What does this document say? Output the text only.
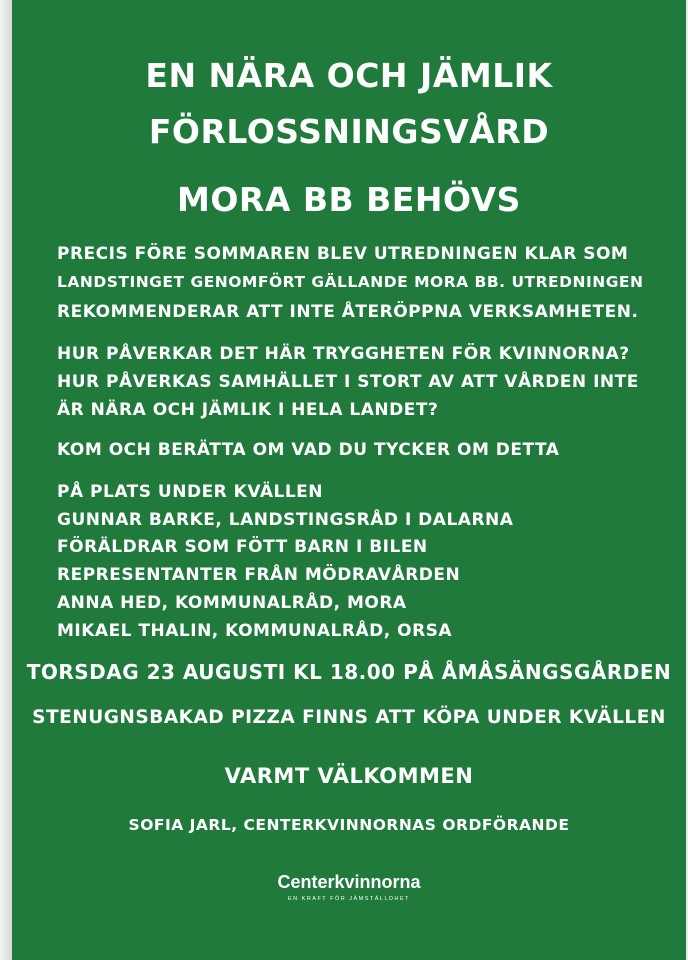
EN NÄRA OCH JÄMLIK
FÖRLOSSNINGSVÅRD
MORA BB BEHÖVS
PRECIS FÖRE SOMMAREN BLEV UTREDNINGEN KLAR SOM
LANDSTINGET GENOMFÖRT GÄLLANDE MORA BB. UTREDNINGEN
REKOMMENDERAR ATT INTE ÅTERÖPPNA VERKSAMHETEN.
HUR PÅVERKAR DET HÄR TRYGGHETEN FÖR KVINNORNA?
HUR PÅVERKAS SAMHÄLLET I STORT AV ATT VÅRDEN INTE
ÄR NÄRA OCH JÄMLIK I HELA LANDET?
KOM OCH BERÄTTA OM VAD DU TYCKER OM DETTA
PÅ PLATS UNDER KVÄLLEN
GUNNAR BARKE, LANDSTINGSRÅD I DALARNA
FÖRÄLDRAR SOM FÖTT BARN I BILEN
REPRESENTANTER FRÅN MÖDRAVÅRDEN
ANNA HED, KOMMUNALRÅD, MORA
MIKAEL THALIN, KOMMUNALRÅD, ORSA
TORSDAG 23 AUGUSTI KL 18.00 PÅ ÅMÅSÄNGSGÅRDEN
STENUGNSBAKAD PIZZA FINNS ATT KÖPA UNDER KVÄLLEN
VARMT VÄLKOMMEN
SOFIA JARL, CENTERKVINNORNAS ORDFÖRANDE
Centerkvinnorna
EN KRAFT FÖR JÄMSTÄLLDHET
